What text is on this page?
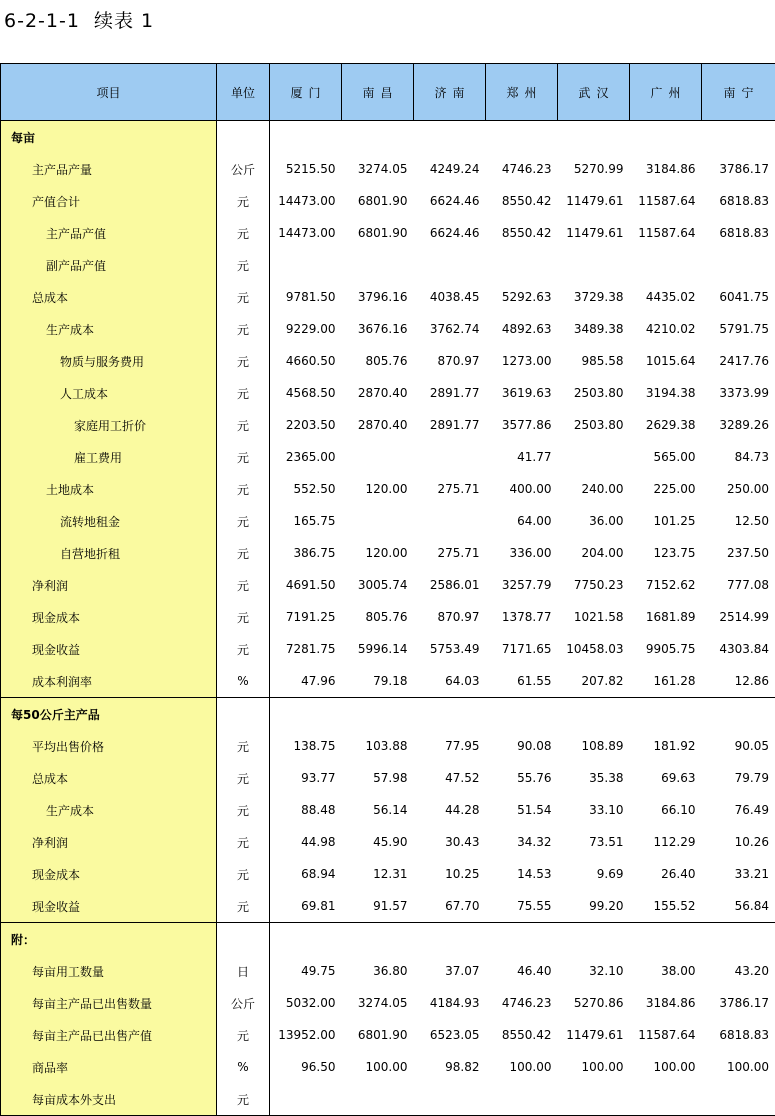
6-2-1-1  续表 1
项目	单位	厦门	南昌	济南	郑州	武汉	广州	南宁
每亩								
主产品产量	公斤	5215.50	3274.05	4249.24	4746.23	5270.99	3184.86	3786.17
产值合计	元	14473.00	6801.90	6624.46	8550.42	11479.61	11587.64	6818.83
主产品产值	元	14473.00	6801.90	6624.46	8550.42	11479.61	11587.64	6818.83
副产品产值	元							
总成本	元	9781.50	3796.16	4038.45	5292.63	3729.38	4435.02	6041.75
生产成本	元	9229.00	3676.16	3762.74	4892.63	3489.38	4210.02	5791.75
物质与服务费用	元	4660.50	805.76	870.97	1273.00	985.58	1015.64	2417.76
人工成本	元	4568.50	2870.40	2891.77	3619.63	2503.80	3194.38	3373.99
家庭用工折价	元	2203.50	2870.40	2891.77	3577.86	2503.80	2629.38	3289.26
雇工费用	元	2365.00			41.77		565.00	84.73
土地成本	元	552.50	120.00	275.71	400.00	240.00	225.00	250.00
流转地租金	元	165.75			64.00	36.00	101.25	12.50
自营地折租	元	386.75	120.00	275.71	336.00	204.00	123.75	237.50
净利润	元	4691.50	3005.74	2586.01	3257.79	7750.23	7152.62	777.08
现金成本	元	7191.25	805.76	870.97	1378.77	1021.58	1681.89	2514.99
现金收益	元	7281.75	5996.14	5753.49	7171.65	10458.03	9905.75	4303.84
成本利润率	%	47.96	79.18	64.03	61.55	207.82	161.28	12.86
每50公斤主产品								
平均出售价格	元	138.75	103.88	77.95	90.08	108.89	181.92	90.05
总成本	元	93.77	57.98	47.52	55.76	35.38	69.63	79.79
生产成本	元	88.48	56.14	44.28	51.54	33.10	66.10	76.49
净利润	元	44.98	45.90	30.43	34.32	73.51	112.29	10.26
现金成本	元	68.94	12.31	10.25	14.53	9.69	26.40	33.21
现金收益	元	69.81	91.57	67.70	75.55	99.20	155.52	56.84
附：								
每亩用工数量	日	49.75	36.80	37.07	46.40	32.10	38.00	43.20
每亩主产品已出售数量	公斤	5032.00	3274.05	4184.93	4746.23	5270.86	3184.86	3786.17
每亩主产品已出售产值	元	13952.00	6801.90	6523.05	8550.42	11479.61	11587.64	6818.83
商品率	%	96.50	100.00	98.82	100.00	100.00	100.00	100.00
每亩成本外支出	元							
